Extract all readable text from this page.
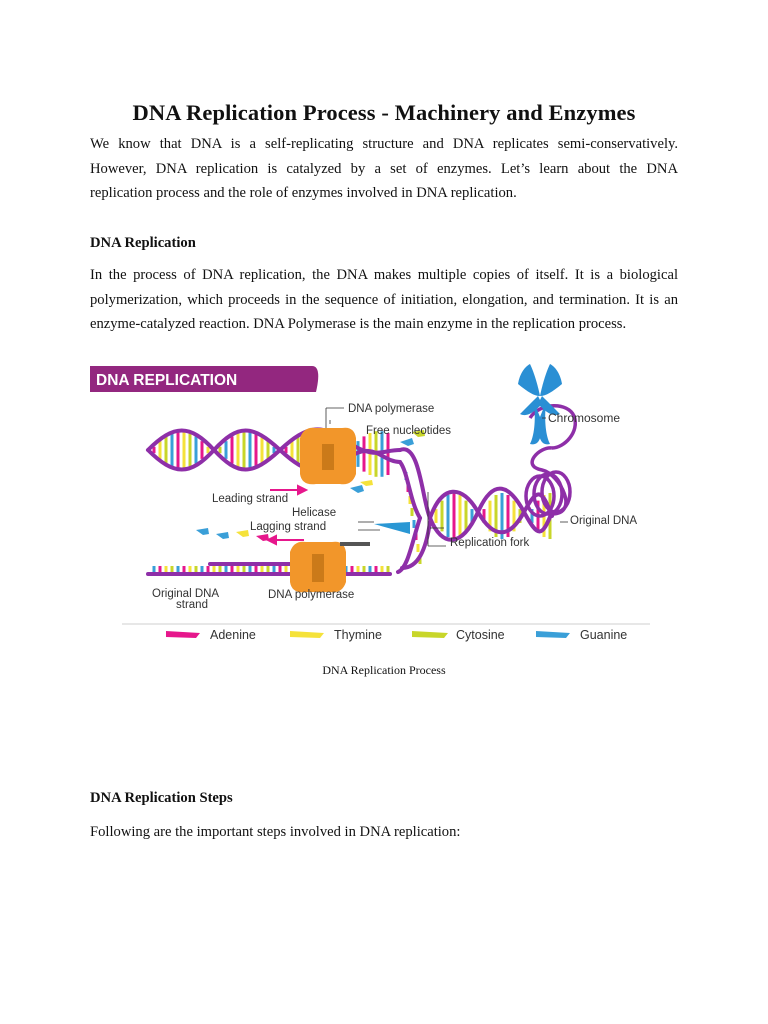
DNA Replication Process - Machinery and Enzymes

We know that DNA is a self-replicating structure and DNA replicates semi-conservatively.
However, DNA replication is catalyzed by a set of enzymes. Let’s learn about the DNA
replication process and the role of enzymes involved in DNA replication.

DNA Replication

In the process of DNA replication, the DNA makes multiple copies of itself. It is a biological
polymerization, which proceeds in the sequence of initiation, elongation, and termination. It is an
enzyme-catalyzed reaction. DNA Polymerase is the main enzyme in the replication process.

DNA REPLICATION
DNA polymerase
Free nucleotides
Chromosome
Leading strand
Helicase
Lagging strand	Original DNA
Replication fork
Original DNA
strand
DNA polymerase
Adenine	Thymine	Cytosine	Guanine
DNA Replication Process
DNA Replication Steps

Following are the important steps involved in DNA replication:
